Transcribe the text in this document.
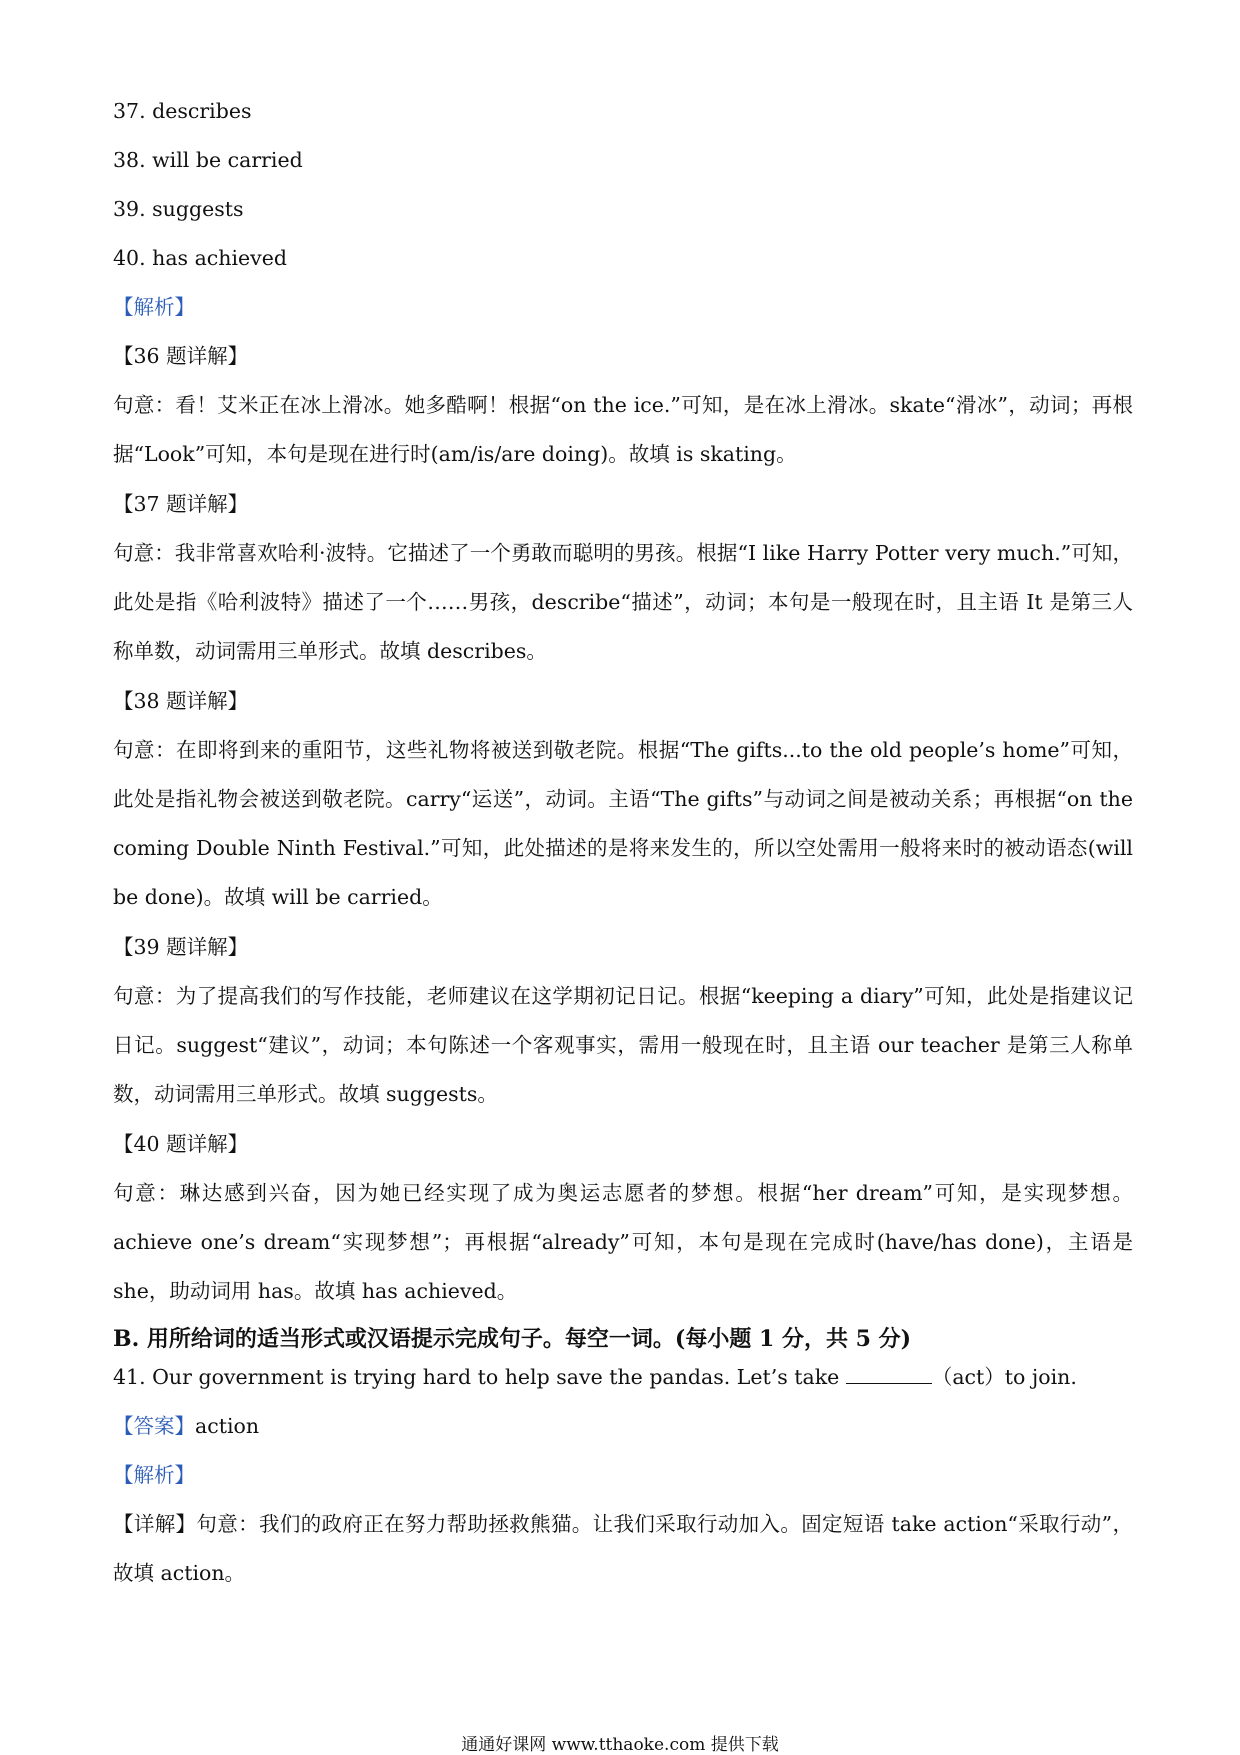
37. describes
38. will be carried
39. suggests
40. has achieved
【解析】
【36 题详解】
句意：看！艾米正在冰上滑冰。她多酷啊！根据“on the ice.”可知，是在冰上滑冰。skate“滑冰”，动词；再根据“Look”可知，本句是现在进行时(am/is/are doing)。故填 is skating。
【37 题详解】
句意：我非常喜欢哈利·波特。它描述了一个勇敢而聪明的男孩。根据“I like Harry Potter very much.”可知，此处是指《哈利波特》描述了一个……男孩，describe“描述”，动词；本句是一般现在时，且主语 It 是第三人称单数，动词需用三单形式。故填 describes。
【38 题详解】
句意：在即将到来的重阳节，这些礼物将被送到敬老院。根据“The gifts...to the old people’s home”可知，此处是指礼物会被送到敬老院。carry“运送”，动词。主语“The gifts”与动词之间是被动关系；再根据“on the coming Double Ninth Festival.”可知，此处描述的是将来发生的，所以空处需用一般将来时的被动语态(will be done)。故填 will be carried。
【39 题详解】
句意：为了提高我们的写作技能，老师建议在这学期初记日记。根据“keeping a diary”可知，此处是指建议记日记。suggest“建议”，动词；本句陈述一个客观事实，需用一般现在时，且主语 our teacher 是第三人称单数，动词需用三单形式。故填 suggests。
【40 题详解】
句意：琳达感到兴奋，因为她已经实现了成为奥运志愿者的梦想。根据“her dream”可知，是实现梦想。achieve one’s dream“实现梦想”；再根据“already”可知，本句是现在完成时(have/has done)，主语是 she，助动词用 has。故填 has achieved。
B. 用所给词的适当形式或汉语提示完成句子。每空一词。(每小题 1 分，共 5 分)
41. Our government is trying hard to help save the pandas. Let’s take	（act）to join.
【答案】action
【解析】
【详解】句意：我们的政府正在努力帮助拯救熊猫。让我们采取行动加入。固定短语 take action“采取行动”，故填 action。
通通好课网 www.tthaoke.com 提供下载
